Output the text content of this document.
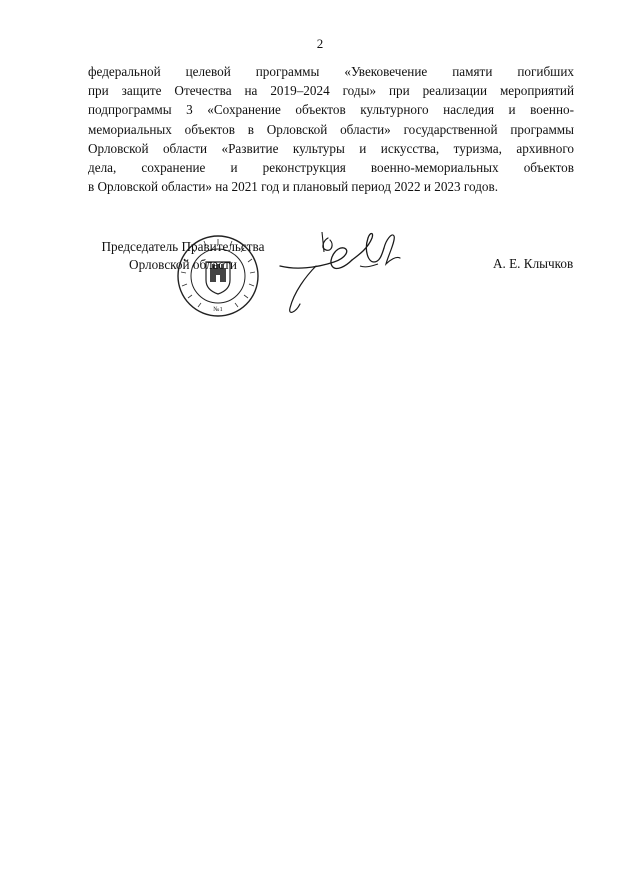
2
федеральной целевой программы «Увековечение памяти погибших
при защите Отечества на 2019–2024 годы» при реализации мероприятий
подпрограммы 3 «Сохранение объектов культурного наследия и военно-
мемориальных объектов в Орловской области» государственной программы
Орловской области «Развитие культуры и искусства, туризма, архивного
дела, сохранение и реконструкция военно-мемориальных объектов
в Орловской области» на 2021 год и плановый период 2022 и 2023 годов.
№1
Председатель Правительства
Орловской области	А. Е. Клычков
